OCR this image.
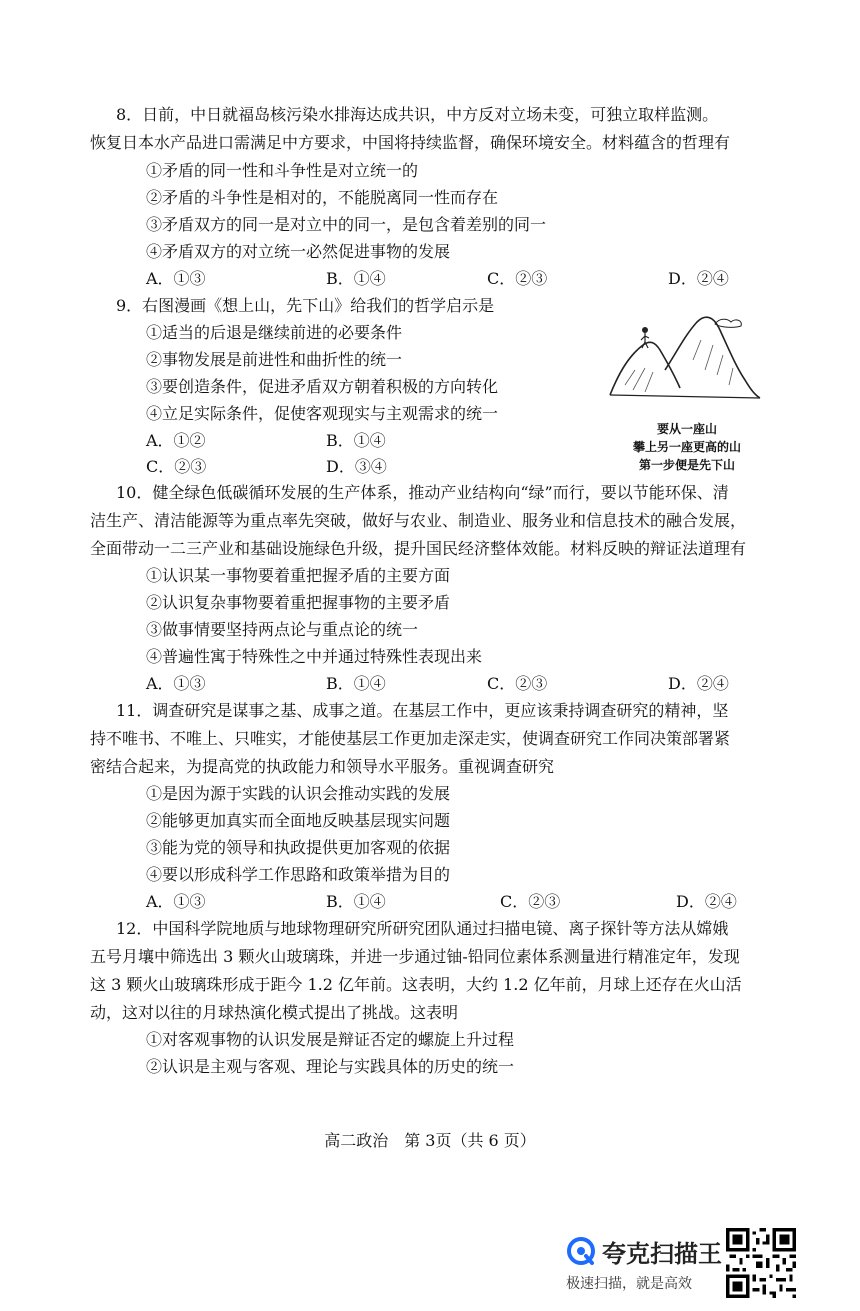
8．日前，中日就福岛核污染水排海达成共识，中方反对立场未变，可独立取样监测。
恢复日本水产品进口需满足中方要求，中国将持续监督，确保环境安全。材料蕴含的哲理有
①矛盾的同一性和斗争性是对立统一的
②矛盾的斗争性是相对的，不能脱离同一性而存在
③矛盾双方的同一是对立中的同一，是包含着差别的同一
④矛盾双方的对立统一必然促进事物的发展
A．①③	B．①④	C．②③	D．②④
9．右图漫画《想上山，先下山》给我们的哲学启示是
①适当的后退是继续前进的必要条件
②事物发展是前进性和曲折性的统一
③要创造条件，促进矛盾双方朝着积极的方向转化
④立足实际条件，促使客观现实与主观需求的统一
A．①②	B．①④
C．②③	D．③④
要从一座山
攀上另一座更高的山
第一步便是先下山
10．健全绿色低碳循环发展的生产体系，推动产业结构向“绿”而行，要以节能环保、清
洁生产、清洁能源等为重点率先突破，做好与农业、制造业、服务业和信息技术的融合发展，
全面带动一二三产业和基础设施绿色升级，提升国民经济整体效能。材料反映的辩证法道理有
①认识某一事物要着重把握矛盾的主要方面
②认识复杂事物要着重把握事物的主要矛盾
③做事情要坚持两点论与重点论的统一
④普遍性寓于特殊性之中并通过特殊性表现出来
A．①③	B．①④	C．②③	D．②④
11．调查研究是谋事之基、成事之道。在基层工作中，更应该秉持调查研究的精神，坚
持不唯书、不唯上、只唯实，才能使基层工作更加走深走实，使调查研究工作同决策部署紧
密结合起来，为提高党的执政能力和领导水平服务。重视调查研究
①是因为源于实践的认识会推动实践的发展
②能够更加真实而全面地反映基层现实问题
③能为党的领导和执政提供更加客观的依据
④要以形成科学工作思路和政策举措为目的
A．①③	B．①④	C．②③	D．②④
12．中国科学院地质与地球物理研究所研究团队通过扫描电镜、离子探针等方法从嫦娥
五号月壤中筛选出 3 颗火山玻璃珠，并进一步通过铀-铅同位素体系测量进行精准定年，发现
这 3 颗火山玻璃珠形成于距今 1.2 亿年前。这表明，大约 1.2 亿年前，月球上还存在火山活
动，这对以往的月球热演化模式提出了挑战。这表明
①对客观事物的认识发展是辩证否定的螺旋上升过程
②认识是主观与客观、理论与实践具体的历史的统一
高二政治　第 3页（共 6 页）
夸克扫描王
极速扫描，就是高效
